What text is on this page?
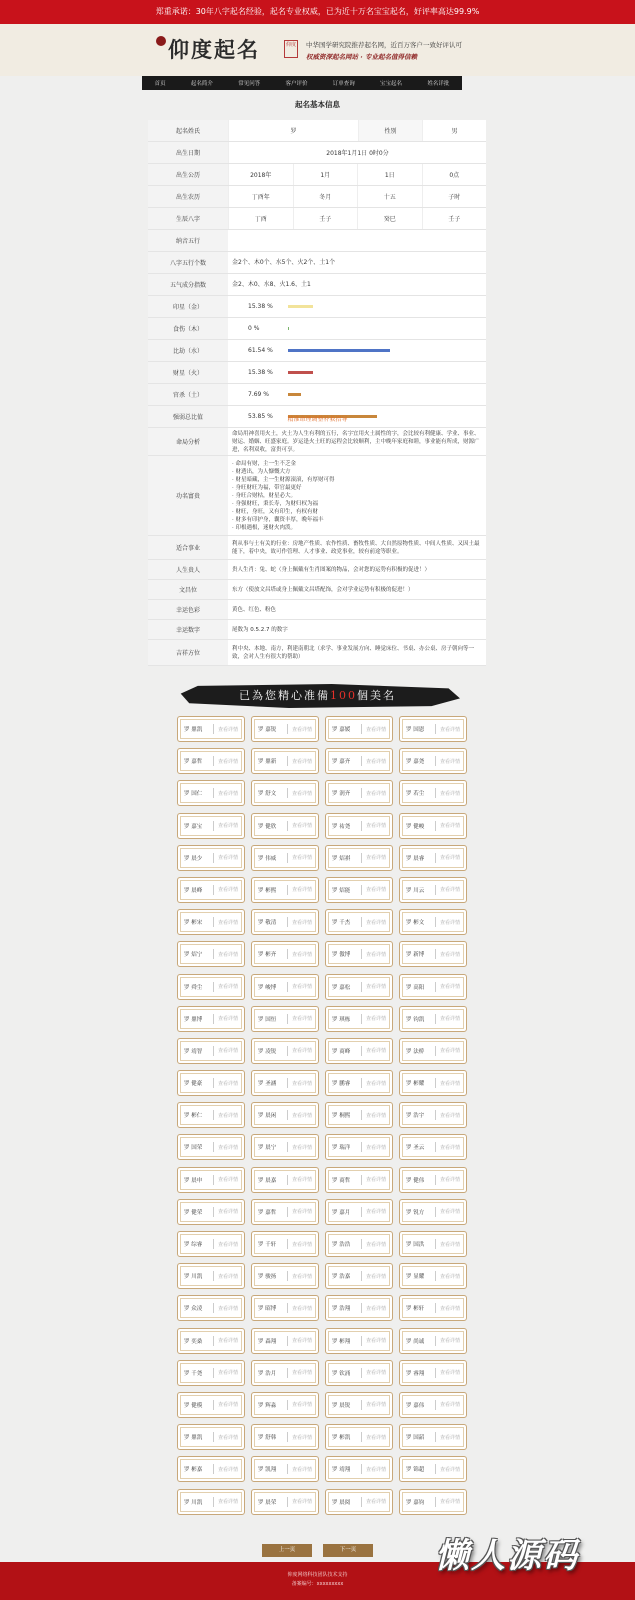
郑重承诺：30年八字起名经验，起名专业权威，已为近十万名宝宝起名，好评率高达99.9%
仰度起名	仰度	中华国学研究院推荐起名网，近百万客户一致好评认可
权威资深起名网站 · 专业起名值得信赖
首页	起名简介	常见问答	客户评价	订单查询	宝宝起名	姓名详批
起名基本信息
起名姓氏	罗	性别	男
出生日期	2018年1月1日 0时0分
出生公历	2018年	1月	1日	0点
出生农历	丁酉年	冬月	十五	子时
生辰八字	丁酉	壬子	癸巳	壬子
纳音五行
八字五行个数	金2个、木0个、水5个、火2个、土1个
五气成分指数	金2、木0、水8、火1.6、土1
印星（金）	15.38 %
食伤（木）	0 %
比劫（水）	61.54 %
财星（火）	15.38 %
官杀（土）	7.69 %
强弱总比值	53.85 %
命局分析
命局用神喜用火土，火土为人生有利的五行，名字宜用火土属性的字，会比较有利健康、学业、事业、财运、婚姻、旺盛家庭。岁运逢火土旺的运程会比较顺利，主中晚年家庭和睦，事业能有所成，财源广进，名利双收，富贵可享。
功名富贵
· 命局有财，主一生不乏金
· 财透出，为人慷慨大方
· 财星暗藏，主一生财源滚滚，有厚财可得
· 身旺财旺为福，带官最更好
· 身旺合财枯，财星必大。
· 身强财旺，秉长寿，为财归权为福
· 财旺，身旺，又有印生，有权有财
· 财多有印护身，囊资丰厚，晚年福丰
· 印根遇根，迷财火肉泼。
适合事业
利从事与土有关的行业：房地产性质、农作性质、畜牧性质、大自然原物性质、中间人性质、又因土最能下，着中央，故可作管理、人才事业、政党事业，较有前途等职业。
人生贵人	贵人生肖：兔、蛇（身上佩戴有生肖图案的物品，会对您的运势有积极的促进！）
文昌位	东方（使放文昌塔或身上佩戴文昌塔配饰，会对学业运势有积极的促进！）
幸运色彩	黄色、红色、粉色
幸运数字	尾数为 0.5.2.7 的数字
吉祥方位
利中央、本地、南方，利建南朝北（求学、事业发展方向、睡觉床位、书桌、办公桌、房子朝向等一致，会对人生有很大的帮助）
精准命理调整补救指导
已為您精心准備100個美名
罗 鼎凯	查看详情	罗 嘉锐	查看详情	罗 嘉媛	查看详情	罗 国恩	查看详情
罗 嘉哲	查看详情	罗 鼎新	查看详情	罗 嘉齐	查看详情	罗 嘉尧	查看详情
罗 国仁	查看详情	罗 舒文	查看详情	罗 润齐	查看详情	罗 若尘	查看详情
罗 嘉宝	查看详情	罗 健欣	查看详情	罗 祐尧	查看详情	罗 健峻	查看详情
罗 晨少	查看详情	罗 伟威	查看详情	罗 炤祺	查看详情	罗 晨睿	查看详情
罗 晨峰	查看详情	罗 彬熙	查看详情	罗 炤能	查看详情	罗 川云	查看详情
罗 彬宋	查看详情	罗 敬清	查看详情	罗 千杰	查看详情	罗 彬文	查看详情
罗 炤宁	查看详情	罗 彬齐	查看详情	罗 傲博	查看详情	罗 新博	查看详情
罗 舜尘	查看详情	罗 峻博	查看详情	罗 嘉松	查看详情	罗 高阳	查看详情
罗 鼎博	查看详情	罗 国恒	查看详情	罗 琪栋	查看详情	罗 钧凯	查看详情
罗 靖智	查看详情	罗 凌锐	查看详情	罗 商峰	查看详情	罗 法桥	查看详情
罗 健豪	查看详情	罗 圣涵	查看详情	罗 鹏睿	查看详情	罗 彬耀	查看详情
罗 彬仁	查看详情	罗 晨闲	查看详情	罗 桐熙	查看详情	罗 浩宇	查看详情
罗 国荣	查看详情	罗 晨宁	查看详情	罗 瑞洋	查看详情	罗 圣云	查看详情
罗 晨申	查看详情	罗 晨嘉	查看详情	罗 商哲	查看详情	罗 健伟	查看详情
罗 健荣	查看详情	罗 嘉哲	查看详情	罗 嘉月	查看详情	罗 锐方	查看详情
罗 综睿	查看详情	罗 千轩	查看详情	罗 浩浩	查看详情	罗 国洪	查看详情
罗 川凯	查看详情	罗 骏扬	查看详情	罗 浩嘉	查看详情	罗 显耀	查看详情
罗 众凌	查看详情	罗 昭博	查看详情	罗 浩翔	查看详情	罗 彬轩	查看详情
罗 奕桑	查看详情	罗 森翔	查看详情	罗 彬翔	查看详情	罗 尚诚	查看详情
罗 千尧	查看详情	罗 浩月	查看详情	罗 钦涌	查看详情	罗 睿翔	查看详情
罗 健模	查看详情	罗 辉淼	查看详情	罗 晨锐	查看详情	罗 嘉伟	查看详情
罗 鼎凯	查看详情	罗 舒韩	查看详情	罗 彬凯	查看详情	罗 国韶	查看详情
罗 彬嘉	查看详情	罗 凯翔	查看详情	罗 靖翔	查看详情	罗 锦超	查看详情
罗 川凯	查看详情	罗 晨荣	查看详情	罗 晨阅	查看详情	罗 嘉钧	查看详情
上一页	下一页
仰度网络科技团队技术支持
备案编号：xxxxxxxxx
懒人源码
